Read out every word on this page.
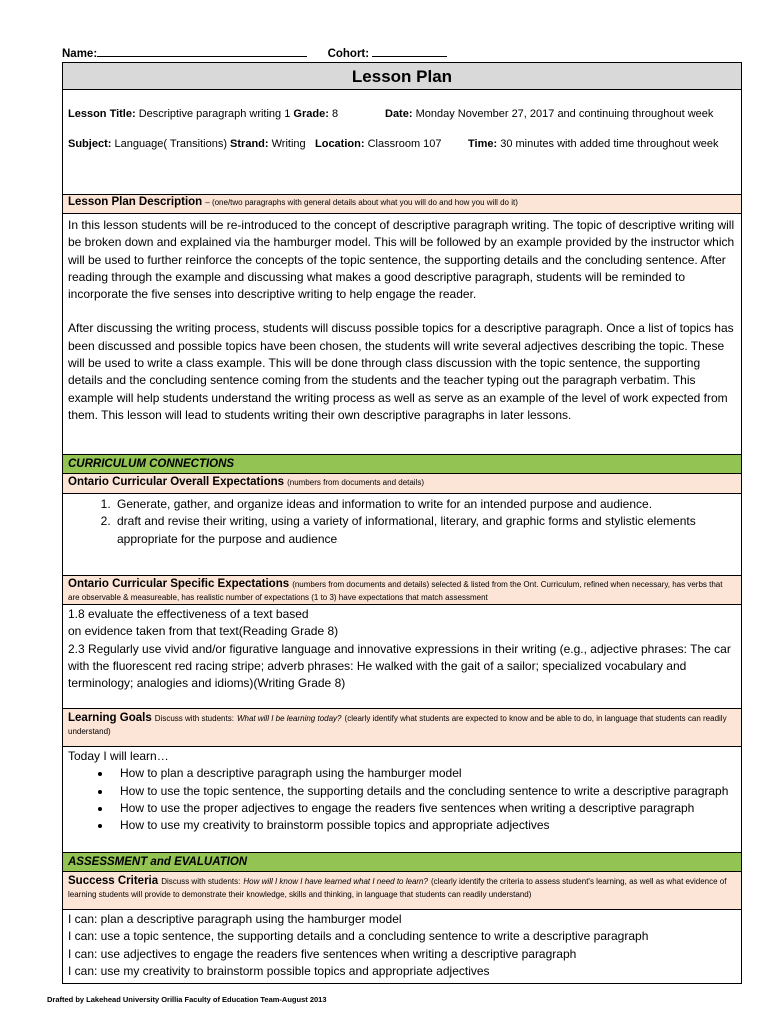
Name:	Cohort:
Lesson Plan
Lesson Title: Descriptive paragraph writing 1 Grade: 8	Date: Monday November 27, 2017 and continuing throughout week
Subject: Language( Transitions) Strand: Writing Location: Classroom 107 Time: 30 minutes with added time throughout week
Lesson Plan Description – (one/two paragraphs with general details about what you will do and how you will do it)

In this lesson students will be re-introduced to the concept of descriptive paragraph writing. The topic of descriptive writing will be broken down and explained via the hamburger model. This will be followed by an example provided by the instructor which will be used to further reinforce the concepts of the topic sentence, the supporting details and the concluding sentence. After reading through the example and discussing what makes a good descriptive paragraph, students will be reminded to incorporate the five senses into descriptive writing to help engage the reader.

After discussing the writing process, students will discuss possible topics for a descriptive paragraph. Once a list of topics has been discussed and possible topics have been chosen, the students will write several adjectives describing the topic. These will be used to write a class example. This will be done through class discussion with the topic sentence, the supporting details and the concluding sentence coming from the students and the teacher typing out the paragraph verbatim. This example will help students understand the writing process as well as serve as an example of the level of work expected from them. This lesson will lead to students writing their own descriptive paragraphs in later lessons.

CURRICULUM CONNECTIONS
Ontario Curricular Overall Expectations (numbers from documents and details)
1. Generate, gather, and organize ideas and information to write for an intended purpose and audience.
2. draft and revise their writing, using a variety of informational, literary, and graphic forms and stylistic elements appropriate for the purpose and audience
Ontario Curricular Specific Expectations (numbers from documents and details) selected & listed from the Ont. Curriculum, refined when necessary, has verbs that are observable & measureable, has realistic number of expectations (1 to 3) have expectations that match assessment
1.8 evaluate the effectiveness of a text based
on evidence taken from that text(Reading Grade 8)
2.3 Regularly use vivid and/or figurative language and innovative expressions in their writing (e.g., adjective phrases: The car with the fluorescent red racing stripe; adverb phrases: He walked with the gait of a sailor; specialized vocabulary and terminology; analogies and idioms)(Writing Grade 8)
Learning Goals Discuss with students: What will I be learning today? (clearly identify what students are expected to know and be able to do, in language that students can readily understand)
Today I will learn…
• How to plan a descriptive paragraph using the hamburger model
• How to use the topic sentence, the supporting details and the concluding sentence to write a descriptive paragraph
• How to use the proper adjectives to engage the readers five sentences when writing a descriptive paragraph
• How to use my creativity to brainstorm possible topics and appropriate adjectives
ASSESSMENT and EVALUATION
Success Criteria Discuss with students: How will I know I have learned what I need to learn? (clearly identify the criteria to assess student's learning, as well as what evidence of learning students will provide to demonstrate their knowledge, skills and thinking, in language that students can readily understand)
I can: plan a descriptive paragraph using the hamburger model
I can: use a topic sentence, the supporting details and a concluding sentence to write a descriptive paragraph
I can: use adjectives to engage the readers five sentences when writing a descriptive paragraph
I can: use my creativity to brainstorm possible topics and appropriate adjectives
Drafted by Lakehead University Orillia Faculty of Education Team-August 2013
